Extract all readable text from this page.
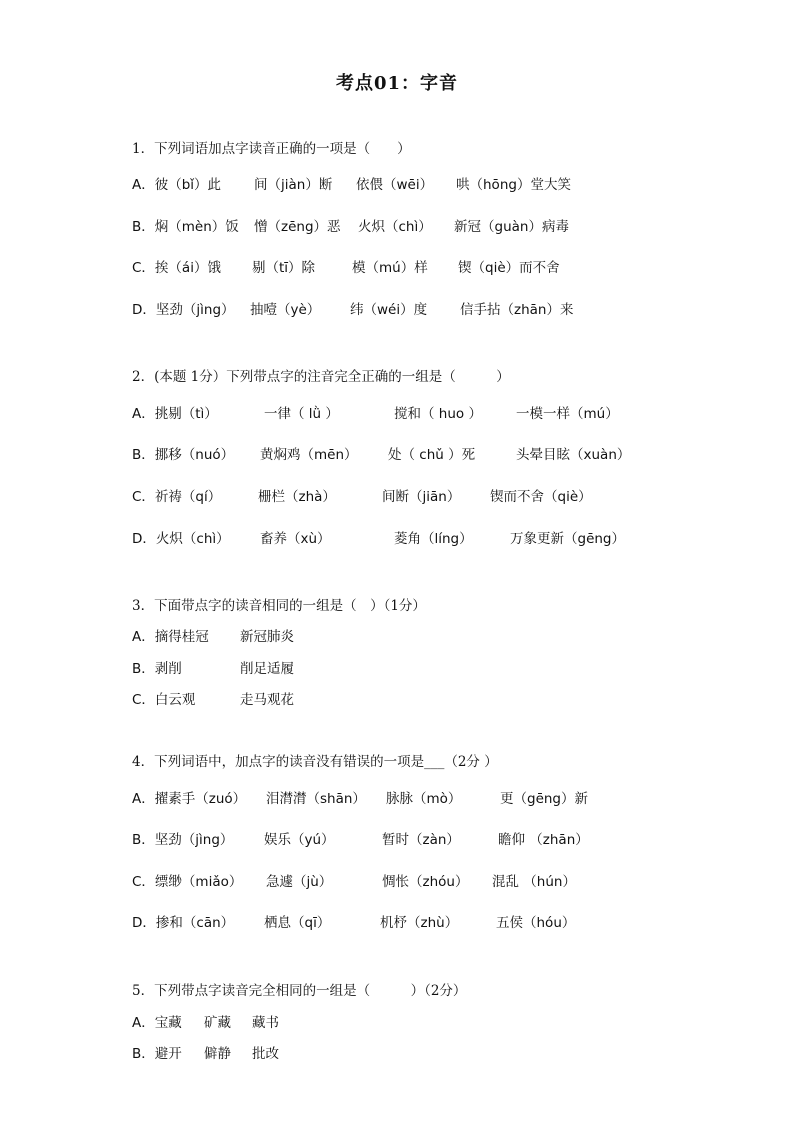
考点01：字音
1．下列词语加点字读音正确的一项是（　　）
A．彼（bǐ）此 间（jiàn）断 依偎（wēi） 哄（hōng）堂大笑
B．焖（mèn）饭 憎（zēng）恶 火炽（chì） 新冠（guàn）病毒
C．挨（ái）饿 剔（tī）除	模（mú）样 锲（qiè）而不舍
D．坚劲（jìng） 抽噎（yè） 纬（wéi）度 信手拈（zhān）来
2．(本题 1分）下列带点字的注音完全正确的一组是（　　　）
A．挑剔（tì）	一律（ lǜ ）	搅和（ huo ）	一模一样（mú）
B．挪移（nuó） 黄焖鸡（mēn） 处（ chǔ ）死	头晕目眩（xuàn）
C．祈祷（qí）	栅栏（zhà）	间断（jiān） 锲而不舍（qiè）
D．火炽（chì） 畜养（xù）	菱角（líng）	万象更新（gēng）
3．下面带点字的读音相同的一组是（　）（1分）
A．摘得桂冠 新冠肺炎
B．剥削	削足适履
C．白云观	走马观花
4．下列词语中，加点字的读音没有错误的一项是___（2分 ）
A．擢素手（zuó） 泪潸潸（shān） 脉脉（mò）	更（gēng）新
B．坚劲（jìng） 娱乐（yú）	暂时（zàn）	瞻仰 （zhān）
C．缥缈（miǎo） 急遽（jù）	惆怅（zhóu） 混乱 （hún）
D．掺和（cān） 栖息（qī）	机杼（zhù）	五侯（hóu）
5．下列带点字读音完全相同的一组是（　　　）（2分）
A．宝藏 矿藏 藏书
B．避开 僻静 批改
